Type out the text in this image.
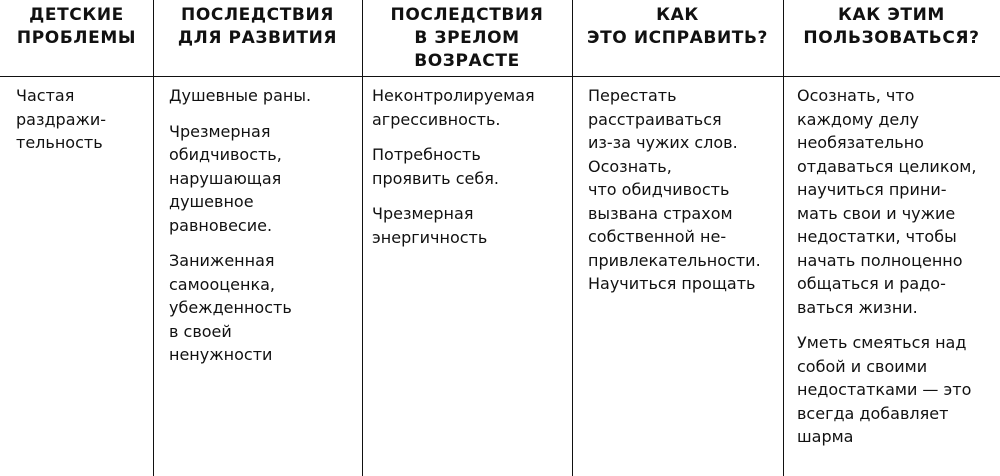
ДЕТСКИЕ
ПРОБЛЕМЫ
Частая
раздражи-
тельность
ПОСЛЕДСТВИЯ
ДЛЯ РАЗВИТИЯ
Душевные раны.
Чрезмерная
обидчивость,
нарушающая
душевное
равновесие.
Заниженная
самооценка,
убежденность
в своей
ненужности
ПОСЛЕДСТВИЯ
В ЗРЕЛОМ
ВОЗРАСТЕ
Неконтролируемая
агрессивность.
Потребность
проявить себя.
Чрезмерная
энергичность
КАК
ЭТО ИСПРАВИТЬ?
Перестать
расстраиваться
из-за чужих слов.
Осознать,
что обидчивость
вызвана страхом
собственной не-
привлекательности.
Научиться прощать
КАК ЭТИМ
ПОЛЬЗОВАТЬСЯ?
Осознать, что
каждому делу
необязательно
отдаваться целиком,
научиться прини-
мать свои и чужие
недостатки, чтобы
начать полноценно
общаться и радо-
ваться жизни.
Уметь смеяться над
собой и своими
недостатками — это
всегда добавляет
шарма
